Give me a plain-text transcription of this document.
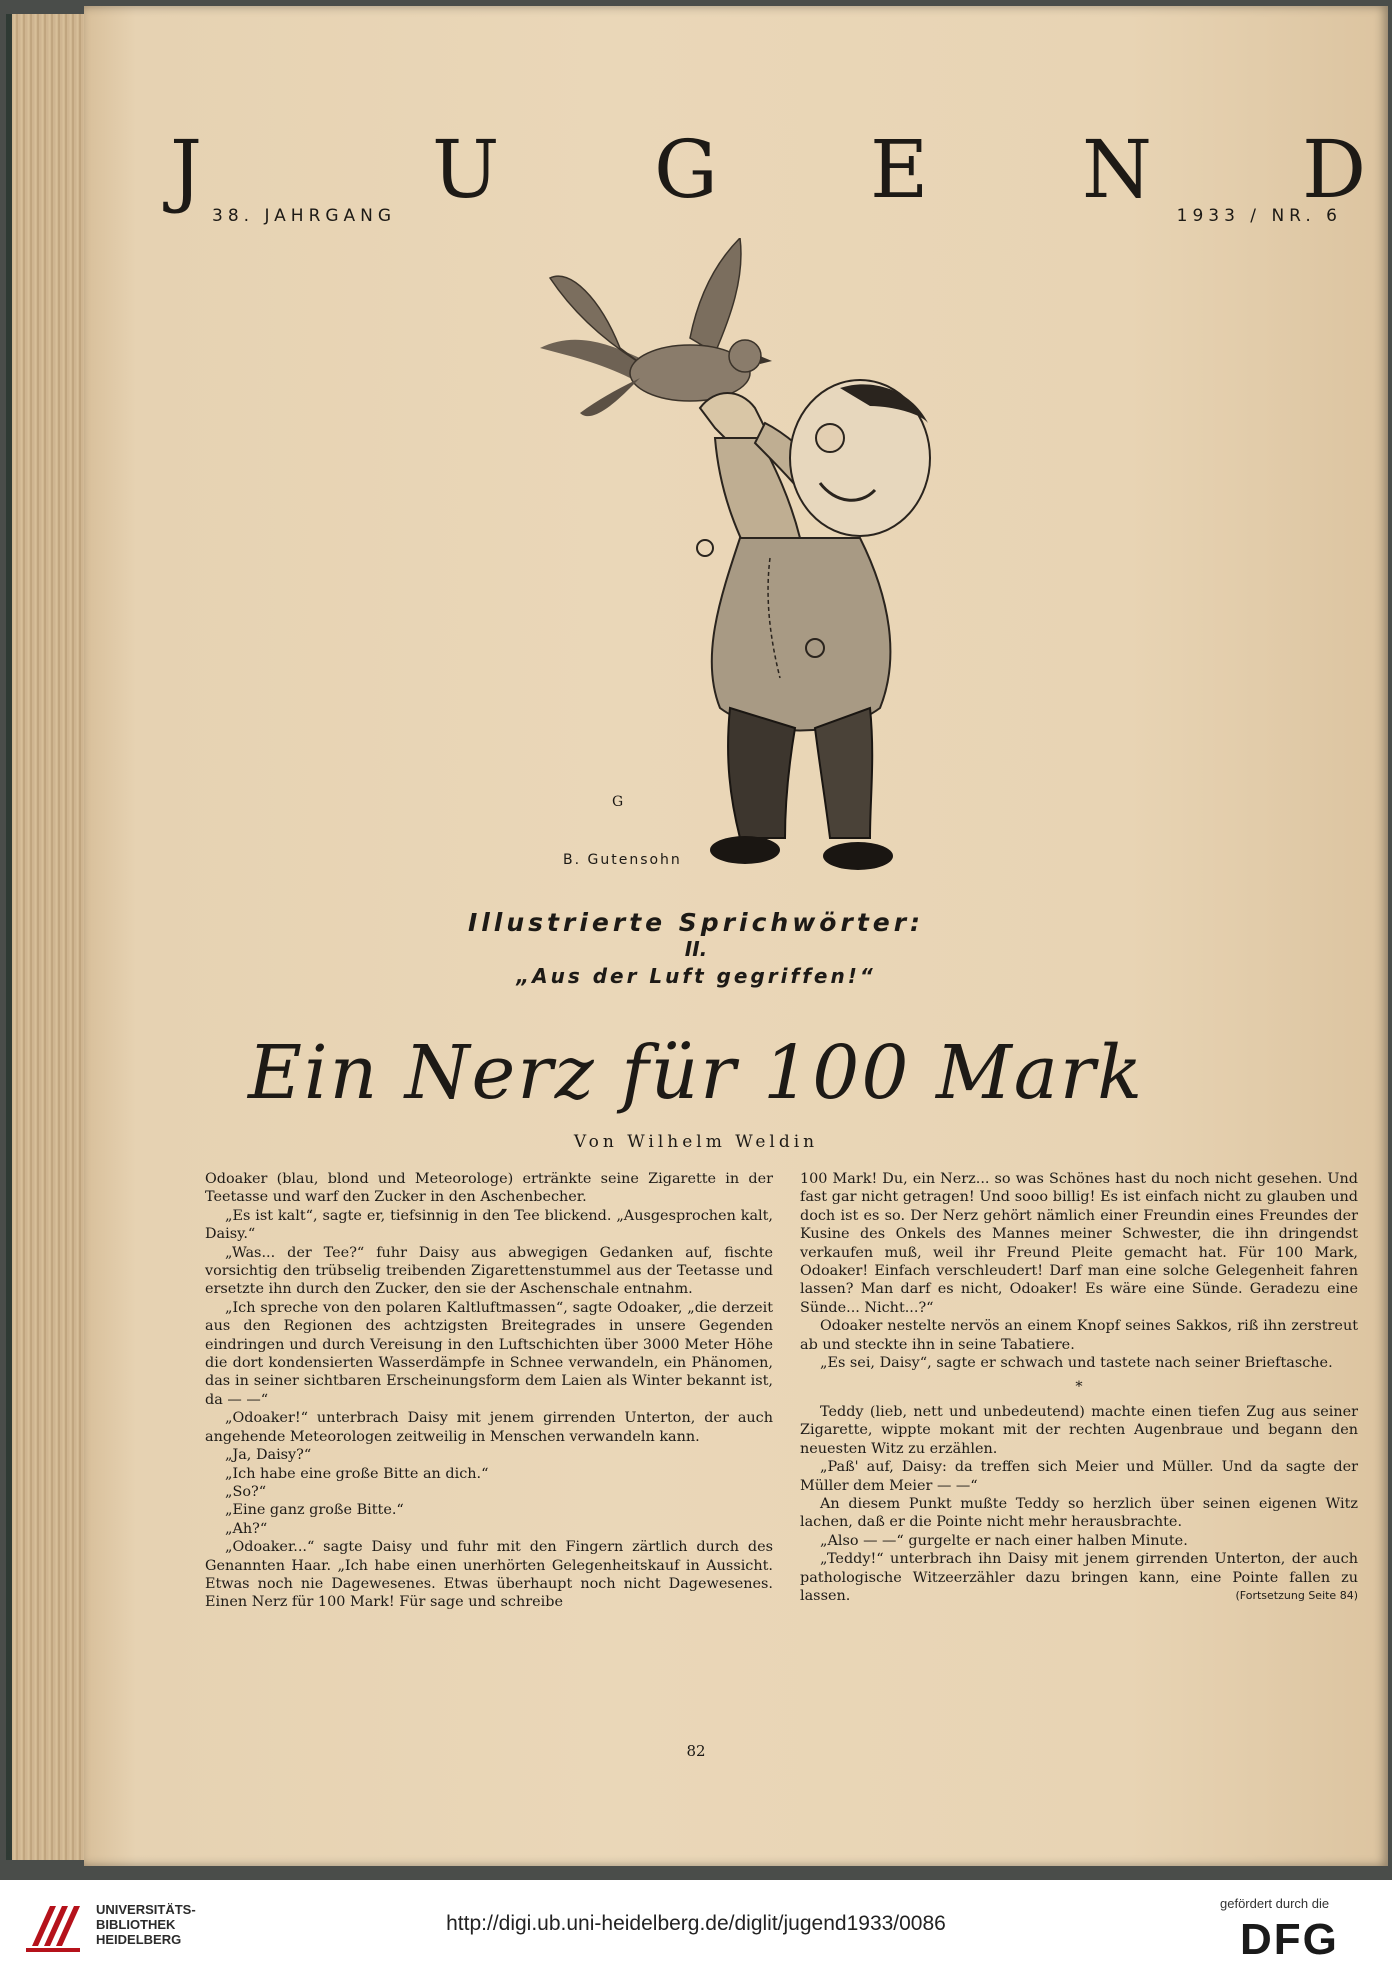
J	U G E N D
38. JAHRGANG	1933 / NR. 6
G
B. Gutensohn
Illustrierte Sprichwörter:
II.
„Aus der Luft gegriffen!“
Ein Nerz für 100 Mark
Von Wilhelm Weldin

Odoaker (blau, blond und Meteorologe) ertränkte seine Zigarette in der Teetasse und warf den Zucker in den Aschenbecher.

„Es ist kalt“, sagte er, tiefsinnig in den Tee blickend. „Ausgesprochen kalt, Daisy.“

„Was... der Tee?“ fuhr Daisy aus abwegigen Gedanken auf, fischte vorsichtig den trübselig treibenden Zigarettenstummel aus der Teetasse und ersetzte ihn durch den Zucker, den sie der Aschenschale entnahm.

„Ich spreche von den polaren Kaltluftmassen“, sagte Odoaker, „die derzeit aus den Regionen des achtzigsten Breitegrades in unsere Gegenden eindringen und durch Vereisung in den Luftschichten über 3000 Meter Höhe die dort kondensierten Wasserdämpfe in Schnee verwandeln, ein Phänomen, das in seiner sichtbaren Erscheinungsform dem Laien als Winter bekannt ist, da — —“

„Odoaker!“ unterbrach Daisy mit jenem girrenden Unterton, der auch angehende Meteorologen zeitweilig in Menschen verwandeln kann.

„Ja, Daisy?“

„Ich habe eine große Bitte an dich.“

„So?“

„Eine ganz große Bitte.“

„Ah?“

„Odoaker...“ sagte Daisy und fuhr mit den Fingern zärtlich durch des Genannten Haar. „Ich habe einen unerhörten Gelegenheitskauf in Aussicht. Etwas noch nie Dagewesenes. Etwas überhaupt noch nicht Dagewesenes. Einen Nerz für 100 Mark! Für sage und schreibe

100 Mark! Du, ein Nerz... so was Schönes hast du noch nicht gesehen. Und fast gar nicht getragen! Und sooo billig! Es ist einfach nicht zu glauben und doch ist es so. Der Nerz gehört nämlich einer Freundin eines Freundes der Kusine des Onkels des Mannes meiner Schwester, die ihn dringendst verkaufen muß, weil ihr Freund Pleite gemacht hat. Für 100 Mark, Odoaker! Einfach verschleudert! Darf man eine solche Gelegenheit fahren lassen? Man darf es nicht, Odoaker! Es wäre eine Sünde. Geradezu eine Sünde... Nicht...?“

Odoaker nestelte nervös an einem Knopf seines Sakkos, riß ihn zerstreut ab und steckte ihn in seine Tabatiere.

„Es sei, Daisy“, sagte er schwach und tastete nach seiner Brieftasche.

*

Teddy (lieb, nett und unbedeutend) machte einen tiefen Zug aus seiner Zigarette, wippte mokant mit der rechten Augenbraue und begann den neuesten Witz zu erzählen.

„Paß' auf, Daisy: da treffen sich Meier und Müller. Und da sagte der Müller dem Meier — —“

An diesem Punkt mußte Teddy so herzlich über seinen eigenen Witz lachen, daß er die Pointe nicht mehr herausbrachte.

„Also — —“ gurgelte er nach einer halben Minute.

„Teddy!“ unterbrach ihn Daisy mit jenem girrenden Unterton, der auch pathologische Witzeerzähler dazu bringen kann, eine Pointe fallen zu lassen.	(Fortsetzung Seite 84)

82
UNIVERSITÄTS-
BIBLIOTHEK
HEIDELBERG
http://digi.ub.uni-heidelberg.de/diglit/jugend1933/0086
gefördert durch die
DFG
